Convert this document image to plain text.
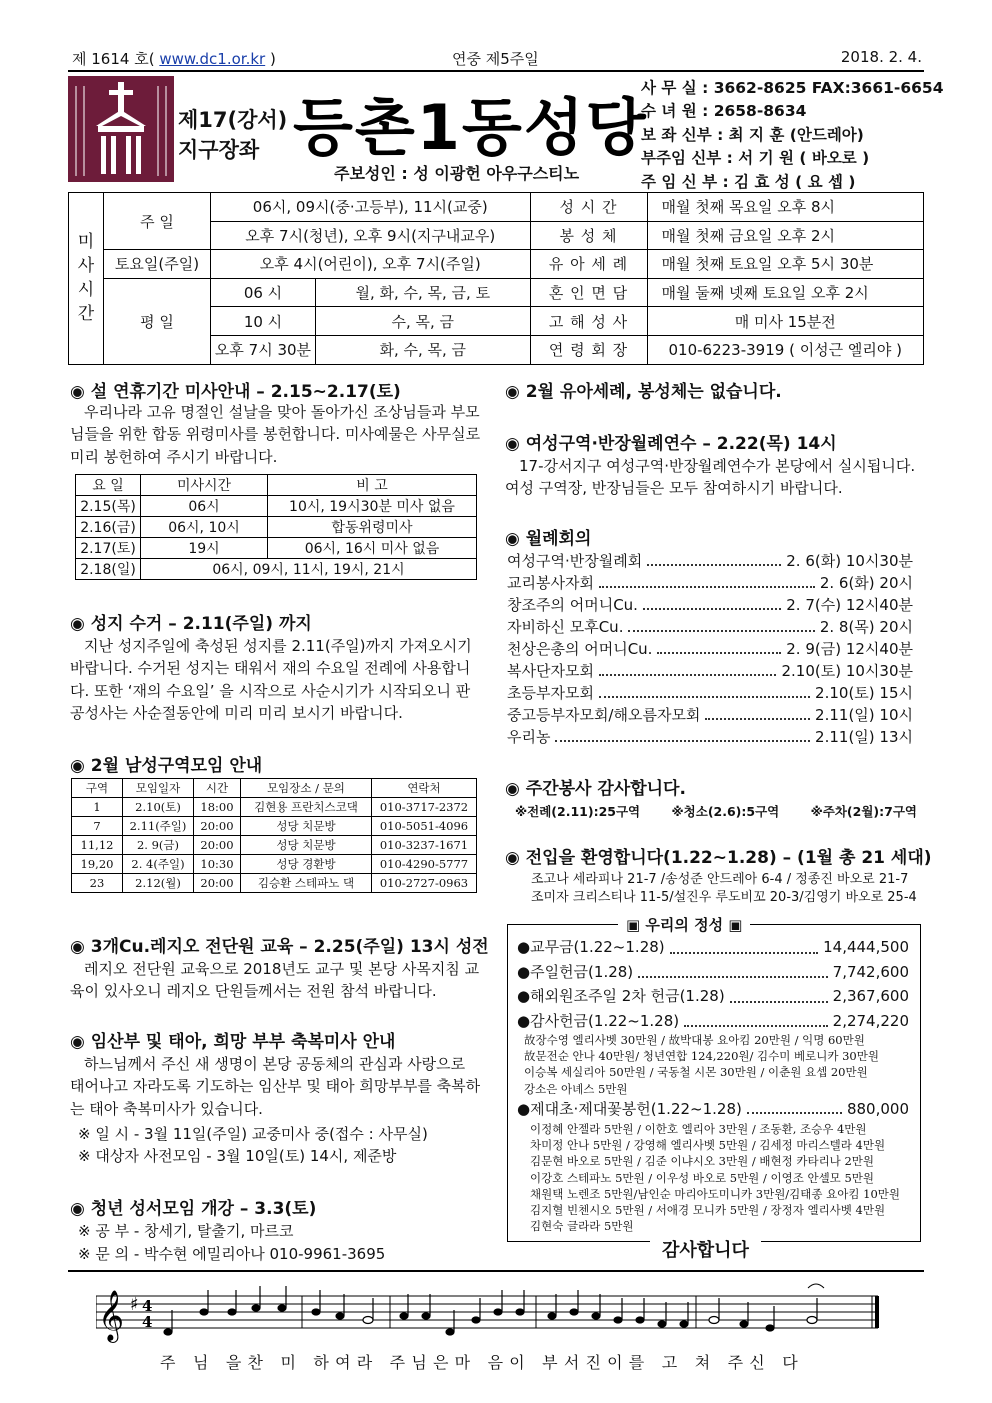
제 1614 호( www.dc1.or.kr )	연중 제5주일	2018. 2. 4.
제17(강서)
지구장좌 등촌1동성당
주보성인 : 성 이광헌 아우구스티노
사 무 실 : 3662-8625 FAX:3661-6654
수 녀 원 : 2658-8634
보 좌 신부 : 최 지 훈 (안드레아)
부주임 신부 : 서 기 원 ( 바오로 )
주 임 신 부 : 김 효 성 ( 요 셉 )
미
사
시
간	주 일	06시, 09시(중·고등부), 11시(교중)		성 시 간	매월 첫째 목요일 오후 8시
		오후 7시(청년), 오후 9시(지구내교우)		봉 성 체	매월 첫째 금요일 오후 2시
	토요일(주일)	오후 4시(어린이), 오후 7시(주일)		유 아 세 례	매월 첫째 토요일 오후 5시 30분
	평 일	06 시	월, 화, 수, 목, 금, 토	혼 인 면 담	매월 둘째 넷째 토요일 오후 2시
		10 시	수, 목, 금	고 해 성 사	매 미사 15분전
		오후 7시 30분	화, 수, 목, 금	연 령 회 장	010-6223-3919 ( 이성근 엘리야 )
◉ 설 연휴기간 미사안내 – 2.15~2.17(토)
우리나라 고유 명절인 설날을 맞아 돌아가신 조상님들과 부모님들을 위한 합동 위령미사를 봉헌합니다. 미사예물은 사무실로 미리 봉헌하여 주시기 바랍니다.
요 일	미사시간	비 고
2.15(목)	06시	10시, 19시30분 미사 없음
2.16(금)	06시, 10시	합동위령미사
2.17(토)	19시	06시, 16시 미사 없음
2.18(일)	06시, 09시, 11시, 19시, 21시	
◉ 성지 수거 – 2.11(주일) 까지
지난 성지주일에 축성된 성지를 2.11(주일)까지 가져오시기 바랍니다. 수거된 성지는 태워서 재의 수요일 전례에 사용합니다. 또한 ‘재의 수요일’ 을 시작으로 사순시기가 시작되오니 판공성사는 사순절동안에 미리 미리 보시기 바랍니다.
◉ 2월 남성구역모임 안내
구역	모임일자	시간	모임장소 / 문의	연락처
1	2.10(토)	18:00	김현용 프란치스코댁	010-3717-2372
7	2.11(주일)	20:00	성당 치문방	010-5051-4096
11,12	2. 9(금)	20:00	성당 치문방	010-3237-1671
19,20	2. 4(주일)	10:30	성당 경환방	010-4290-5777
23	2.12(월)	20:00	김승환 스테파노 댁	010-2727-0963
◉ 3개Cu.레지오 전단원 교육 – 2.25(주일) 13시 성전
레지오 전단원 교육으로 2018년도 교구 및 본당 사목지침 교육이 있사오니 레지오 단원들께서는 전원 참석 바랍니다.
◉ 임산부 및 태아, 희망 부부 축복미사 안내
하느님께서 주신 새 생명이 본당 공동체의 관심과 사랑으로 태어나고 자라도록 기도하는 임산부 및 태아 희망부부를 축복하는 태아 축복미사가 있습니다.
※ 일 시 - 3월 11일(주일) 교중미사 중(접수 : 사무실)
※ 대상자 사전모임 - 3월 10일(토) 14시, 제준방
◉ 청년 성서모임 개강 – 3.3(토)
※ 공 부 - 창세기, 탈출기, 마르코
※ 문 의 - 박수현 에밀리아나 010-9961-3695
◉ 2월 유아세례, 봉성체는 없습니다.
◉ 여성구역·반장월례연수 – 2.22(목) 14시
17-강서지구 여성구역·반장월례연수가 본당에서 실시됩니다. 여성 구역장, 반장님들은 모두 참여하시기 바랍니다.
◉ 월례회의
여성구역·반장월례회	2. 6(화) 10시30분
교리봉사자회	2. 6(화) 20시
창조주의 어머니Cu.	2. 7(수) 12시40분
자비하신 모후Cu.	2. 8(목) 20시
천상은총의 어머니Cu.	2. 9(금) 12시40분
복사단자모회	2.10(토) 10시30분
초등부자모회	2.10(토) 15시
중고등부자모회/해오름자모회	2.11(일) 10시
우리농	2.11(일) 13시
◉ 주간봉사 감사합니다.
※전례(2.11):25구역	※청소(2.6):5구역	※주차(2월):7구역
◉ 전입을 환영합니다(1.22~1.28) – (1월 총 21 세대)
조고나 세라피나 21-7 /송성준 안드레아 6-4 / 정종진 바오로 21-7
조미자 크리스티나 11-5/설진우 루도비꼬 20-3/김영기 바오로 25-4
▣ 우리의 정성 ▣
●교무금(1.22~1.28)	14,444,500
●주일헌금(1.28)	7,742,600
●해외원조주일 2차 헌금(1.28)	2,367,600
●감사헌금(1.22~1.28)	2,274,220
故장수영 엘리사벳 30만원 / 故박대봉 요아킴 20만원 / 익명 60만원
故문전순 안나 40만원/ 청년연합 124,220원/ 김수미 베로니카 30만원
이승복 세실리아 50만원 / 국동철 시몬 30만원 / 이춘원 요셉 20만원
강소은 아녜스 5만원
●제대초·제대꽃봉헌(1.22~1.28)	880,000
이정혜 안젤라 5만원 / 이한호 엘리아 3만원 / 조동환, 조승우 4만원
차미정 안나 5만원 / 강영해 엘리사벳 5만원 / 김세정 마리스텔라 4만원
김문현 바오로 5만원 / 김준 이냐시오 3만원 / 배현정 카타리나 2만원
이강호 스테파노 5만원 / 이우성 바오로 5만원 / 이영조 안셀모 5만원
채원택 노렌조 5만원/남인순 마리아도미니카 3만원/김태종 요아킴 10만원
김지혈 빈첸시오 5만원 / 서애경 모니카 5만원 / 장정자 엘리사벳 4만원
김현숙 글라라 5만원
감사합니다
𝄞 ♯ 4
4
주 님 을찬 미 하여라 주님은마 음이 부서진이를 고 쳐 주신 다
